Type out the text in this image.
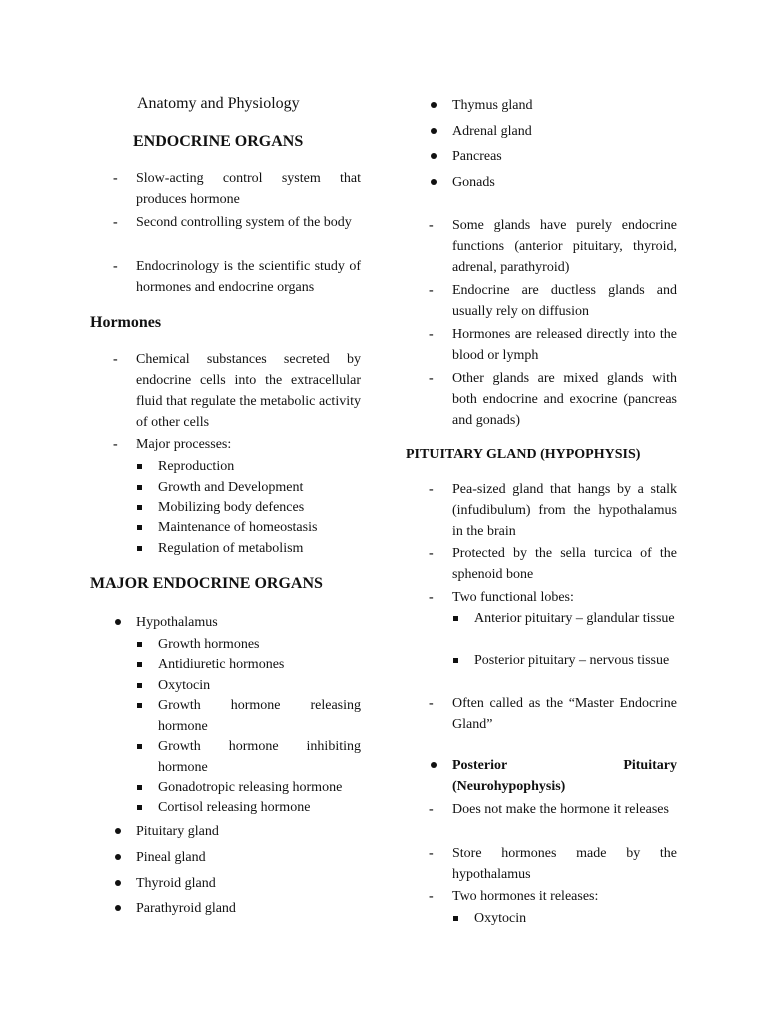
Anatomy and Physiology
ENDOCRINE ORGANS
- Slow-acting control system that produces hormone
- Second controlling system of the body
- Endocrinology is the scientific study of hormones and endocrine organs
Hormones
- Chemical substances secreted by endocrine cells into the extracellular fluid that regulate the metabolic activity of other cells
- Major processes:
Reproduction
Growth and Development
Mobilizing body defences
Maintenance of homeostasis
Regulation of metabolism
MAJOR ENDOCRINE ORGANS
Hypothalamus
Growth hormones
Antidiuretic hormones
Oxytocin
Growth hormone releasing hormone
Growth hormone inhibiting hormone
Gonadotropic releasing hormone
Cortisol releasing hormone
Pituitary gland
Pineal gland
Thyroid gland
Parathyroid gland
Thymus gland
Adrenal gland
Pancreas
Gonads
- Some glands have purely endocrine functions (anterior pituitary, thyroid, adrenal, parathyroid)
- Endocrine are ductless glands and usually rely on diffusion
- Hormones are released directly into the blood or lymph
- Other glands are mixed glands with both endocrine and exocrine (pancreas and gonads)
PITUITARY GLAND (HYPOPHYSIS)
- Pea-sized gland that hangs by a stalk (infudibulum) from the hypothalamus in the brain
- Protected by the sella turcica of the sphenoid bone
- Two functional lobes:
Anterior pituitary – glandular tissue
Posterior pituitary – nervous tissue
- Often called as the “Master Endocrine Gland”
Posterior Pituitary (Neurohypophysis)
- Does not make the hormone it releases
- Store hormones made by the hypothalamus
- Two hormones it releases:
Oxytocin
